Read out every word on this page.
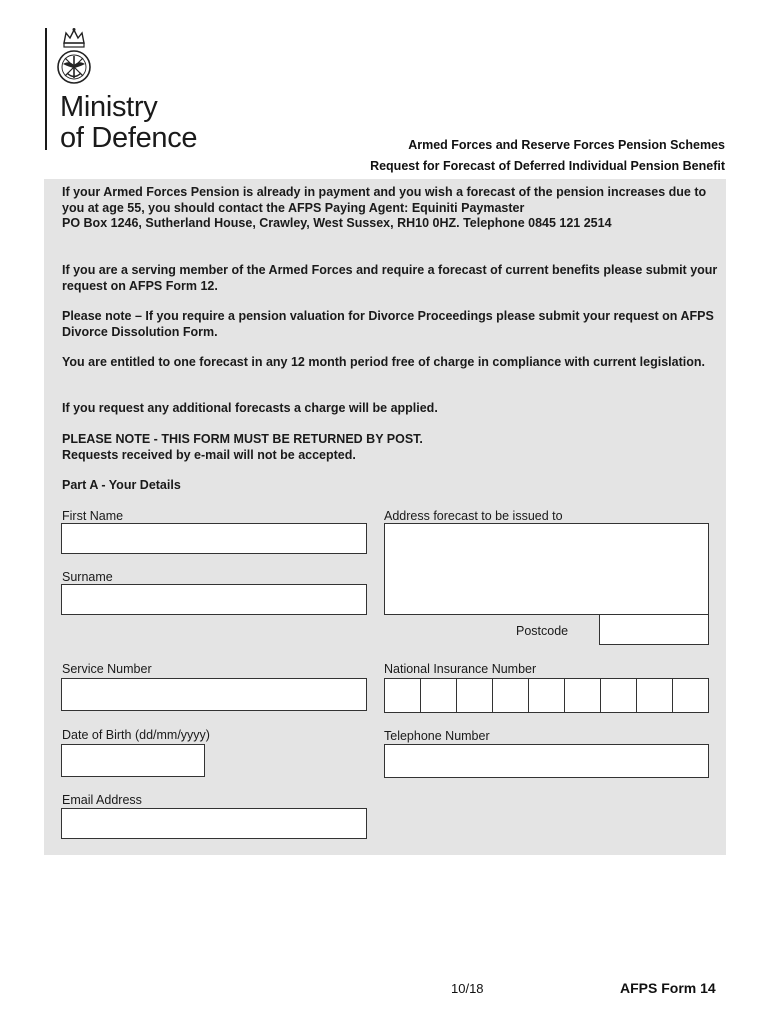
Ministry
of Defence	Armed Forces and Reserve Forces Pension Schemes
Request for Forecast of Deferred Individual Pension Benefit

If your Armed Forces Pension is already in payment and you wish a forecast of the pension increases due to you at age 55, you should contact the AFPS Paying Agent: Equiniti Paymaster
PO Box 1246, Sutherland House, Crawley, West Sussex, RH10 0HZ. Telephone 0845 121 2514

If you are a serving member of the Armed Forces and require a forecast of current benefits please submit your request on AFPS Form 12.

Please note – If you require a pension valuation for Divorce Proceedings please submit your request on AFPS Divorce Dissolution Form.

You are entitled to one forecast in any 12 month period free of charge in compliance with current legislation.

If you request any additional forecasts a charge will be applied.

PLEASE NOTE - THIS FORM MUST BE RETURNED BY POST.
Requests received by e-mail will not be accepted.

Part A - Your Details

First Name
Surname
Service Number
Date of Birth (dd/mm/yyyy)
Email Address
Address forecast to be issued to
Postcode
National Insurance Number
Telephone Number
10/18	AFPS Form 14
